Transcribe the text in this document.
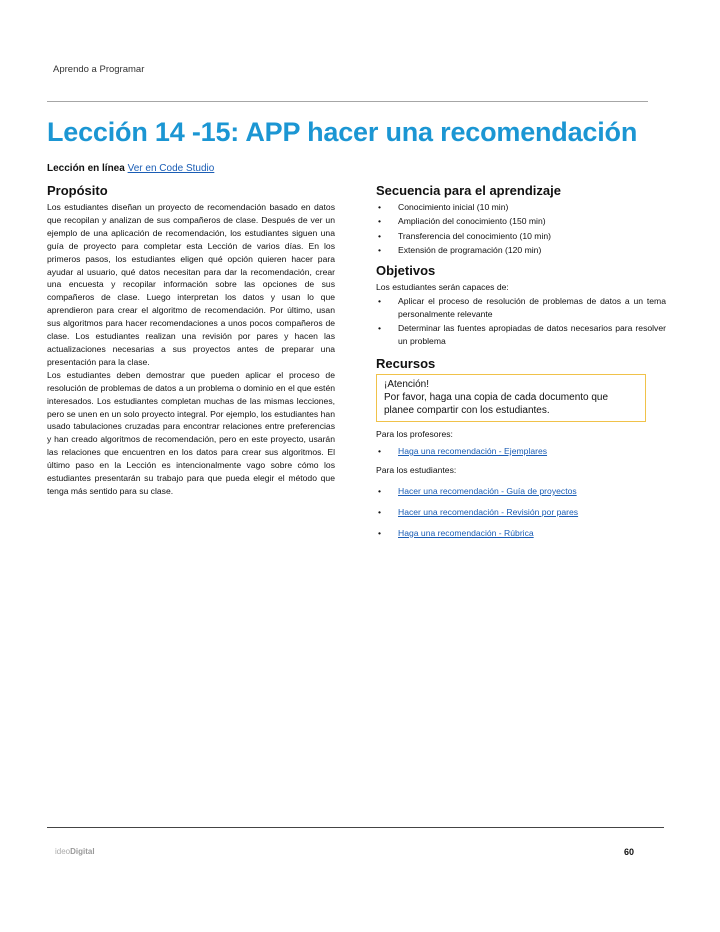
Aprendo a Programar
Lección 14 -15: APP hacer una recomendación
Lección en línea Ver en Code Studio
Propósito

Los estudiantes diseñan un proyecto de recomendación basado en datos que recopilan y analizan de sus compañeros de clase. Después de ver un ejemplo de una aplicación de recomendación, los estudiantes siguen una guía de proyecto para completar esta Lección de varios días. En los primeros pasos, los estudiantes eligen qué opción quieren hacer para ayudar al usuario, qué datos necesitan para dar la recomendación, crear una encuesta y recopilar información sobre las opciones de sus compañeros de clase. Luego interpretan los datos y usan lo que aprendieron para crear el algoritmo de recomendación. Por último, usan sus algoritmos para hacer recomendaciones a unos pocos compañeros de clase. Los estudiantes realizan una revisión por pares y hacen las actualizaciones necesarias a sus proyectos antes de preparar una presentación para la clase.

Los estudiantes deben demostrar que pueden aplicar el proceso de resolución de problemas de datos a un problema o dominio en el que estén interesados. Los estudiantes completan muchas de las mismas lecciones, pero se unen en un solo proyecto integral. Por ejemplo, los estudiantes han usado tabulaciones cruzadas para encontrar relaciones entre preferencias y han creado algoritmos de recomendación, pero en este proyecto, usarán las relaciones que encuentren en los datos para crear sus algoritmos. El último paso en la Lección es intencionalmente vago sobre cómo los estudiantes presentarán su trabajo para que pueda elegir el método que tenga más sentido para su clase.

Secuencia para el aprendizaje
• Conocimiento inicial (10 min)
• Ampliación del conocimiento (150 min)
• Transferencia del conocimiento (10 min)
• Extensión de programación (120 min)
Objetivos
Los estudiantes serán capaces de:
• Aplicar el proceso de resolución de problemas de datos a un tema personalmente relevante
• Determinar las fuentes apropiadas de datos necesarios para resolver un problema
Recursos
¡Atención!
Por favor, haga una copia de cada documento que planee compartir con los estudiantes.
Para los profesores:
• Haga una recomendación - Ejemplares
Para los estudiantes:
• Hacer una recomendación - Guía de proyectos
• Hacer una recomendación - Revisión por pares
• Haga una recomendación - Rúbrica
ideoDigital	60
